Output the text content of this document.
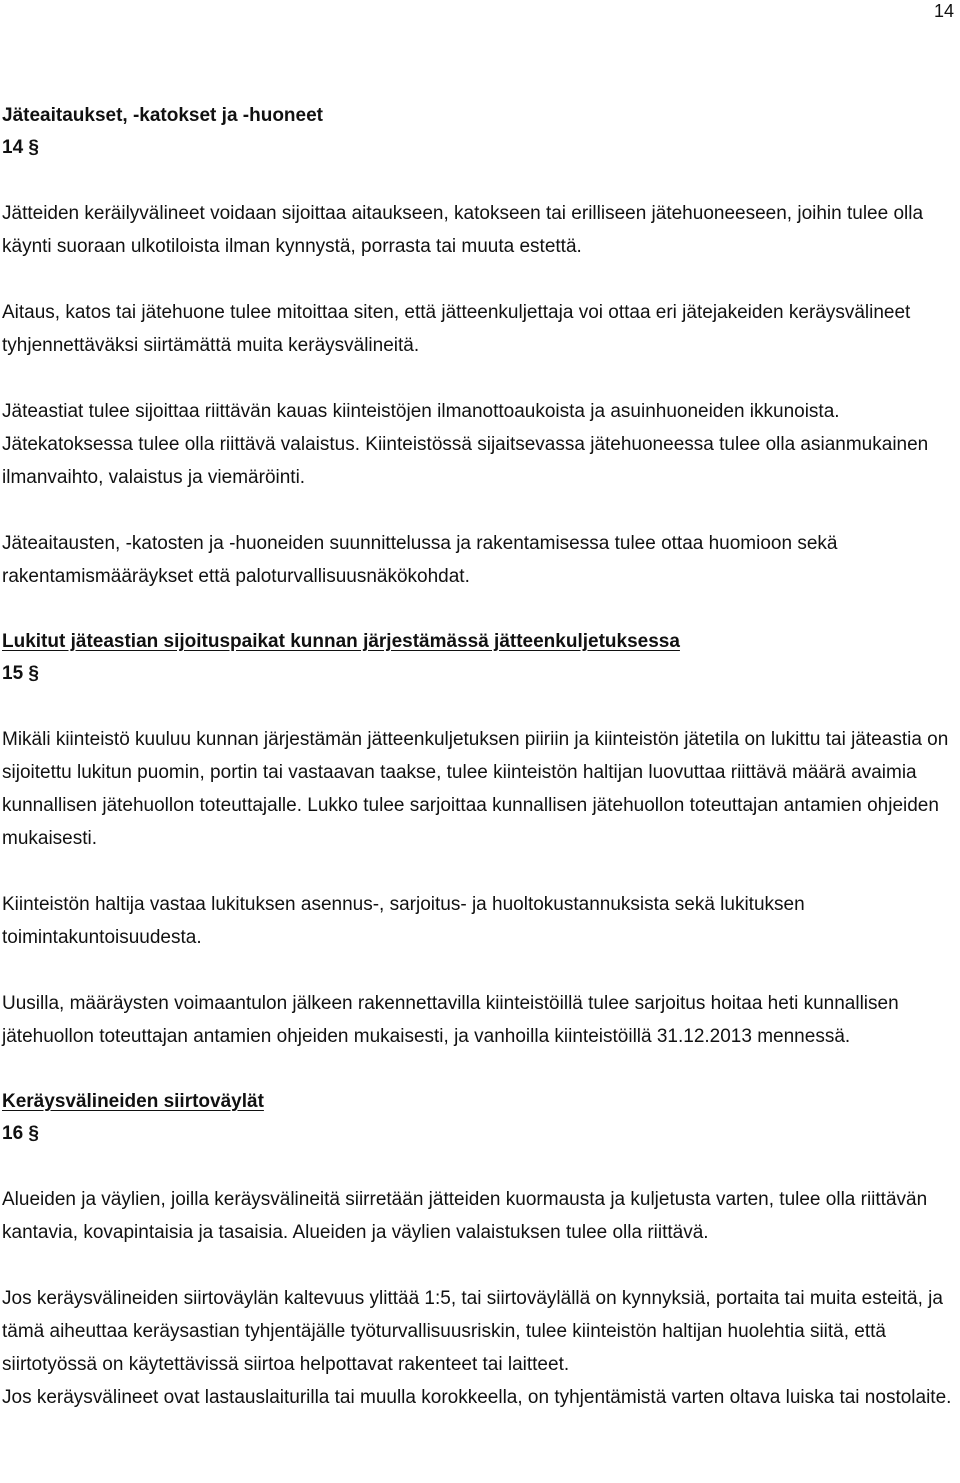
14

Jäteaitaukset, -katokset ja -huoneet

14 §

Jätteiden keräilyvälineet voidaan sijoittaa aitaukseen, katokseen tai erilliseen jätehuoneeseen, joihin tulee olla käynti suoraan ulkotiloista ilman kynnystä, porrasta tai muuta estettä.

Aitaus, katos tai jätehuone tulee mitoittaa siten, että jätteenkuljettaja voi ottaa eri jätejakeiden keräysvälineet tyhjennettäväksi siirtämättä muita keräysvälineitä.

Jäteastiat tulee sijoittaa riittävän kauas kiinteistöjen ilmanottoaukoista ja asuinhuoneiden ikkunoista. Jätekatoksessa tulee olla riittävä valaistus. Kiinteistössä sijaitsevassa jätehuoneessa tulee olla asianmukainen ilmanvaihto, valaistus ja viemäröinti.

Jäteaitausten, -katosten ja -huoneiden suunnittelussa ja rakentamisessa tulee ottaa huomioon sekä rakentamismääräykset että paloturvallisuusnäkökohdat.

Lukitut jäteastian sijoituspaikat kunnan järjestämässä jätteenkuljetuksessa

15 §

Mikäli kiinteistö kuuluu kunnan järjestämän jätteenkuljetuksen piiriin ja kiinteistön jätetila on lukittu tai jäteastia on sijoitettu lukitun puomin, portin tai vastaavan taakse, tulee kiinteistön haltijan luovuttaa riittävä määrä avaimia kunnallisen jätehuollon toteuttajalle. Lukko tulee sarjoittaa kunnallisen jätehuollon toteuttajan antamien ohjeiden mukaisesti.

Kiinteistön haltija vastaa lukituksen asennus-, sarjoitus- ja huoltokustannuksista sekä lukituksen toimintakuntoisuudesta.

Uusilla, määräysten voimaantulon jälkeen rakennettavilla kiinteistöillä tulee sarjoitus hoitaa heti kunnallisen jätehuollon toteuttajan antamien ohjeiden mukaisesti, ja vanhoilla kiinteistöillä 31.12.2013 mennessä.

Keräysvälineiden siirtoväylät

16 §

Alueiden ja väylien, joilla keräysvälineitä siirretään jätteiden kuormausta ja kuljetusta varten, tulee olla riittävän kantavia, kovapintaisia ja tasaisia. Alueiden ja väylien valaistuksen tulee olla riittävä.

Jos keräysvälineiden siirtoväylän kaltevuus ylittää 1:5, tai siirtoväylällä on kynnyksiä, portaita tai muita esteitä, ja tämä aiheuttaa keräysastian tyhjentäjälle työturvallisuusriskin, tulee kiinteistön haltijan huolehtia siitä, että siirtotyössä on käytettävissä siirtoa helpottavat rakenteet tai laitteet.

Jos keräysvälineet ovat lastauslaiturilla tai muulla korokkeella, on tyhjentämistä varten oltava luiska tai nostolaite.
